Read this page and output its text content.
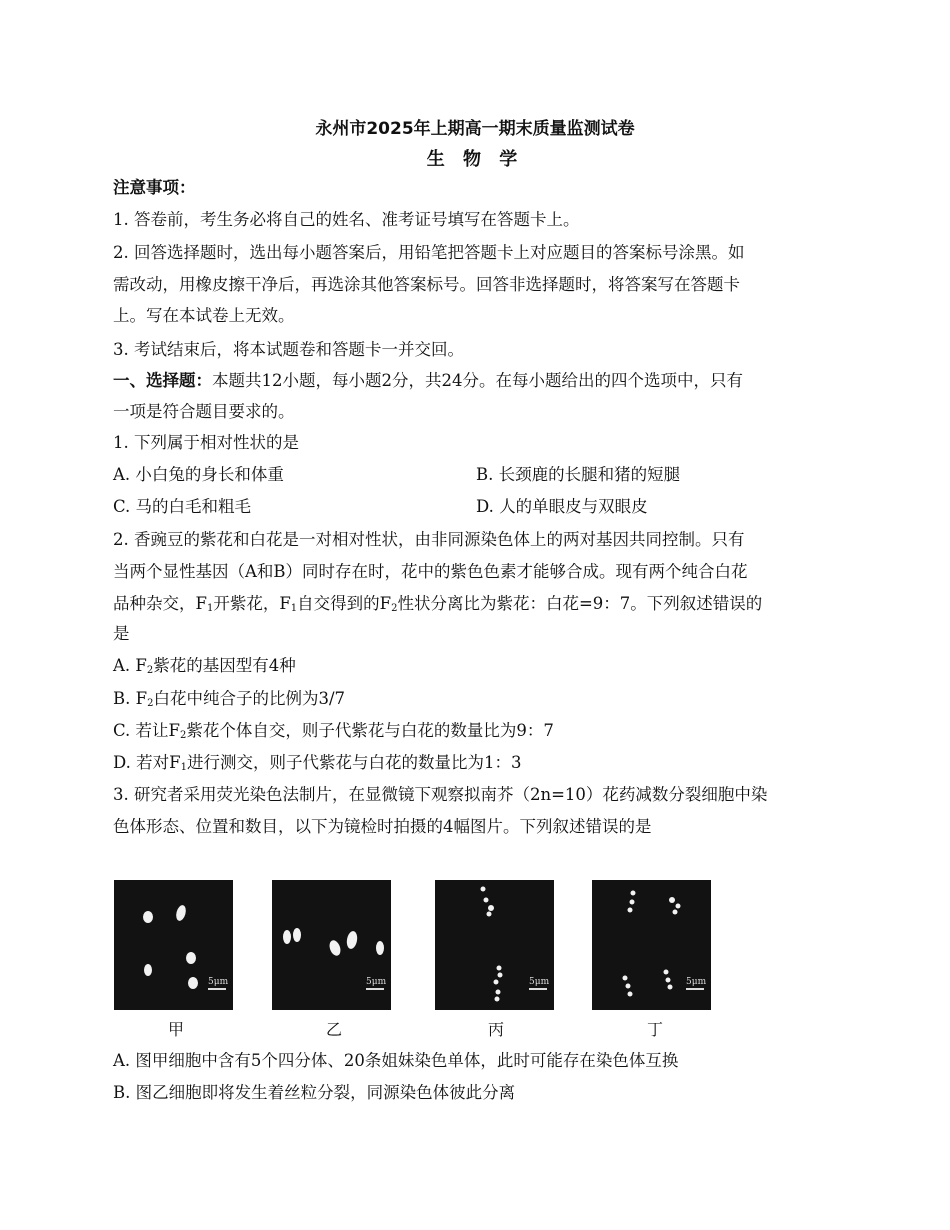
永州市2025年上期高一期末质量监测试卷
生 物 学
注意事项：
1. 答卷前，考生务必将自己的姓名、准考证号填写在答题卡上。
2. 回答选择题时，选出每小题答案后，用铅笔把答题卡上对应题目的答案标号涂黑。如
需改动，用橡皮擦干净后，再选涂其他答案标号。回答非选择题时，将答案写在答题卡
上。写在本试卷上无效。
3. 考试结束后，将本试题卷和答题卡一并交回。
一、选择题：本题共12小题，每小题2分，共24分。在每小题给出的四个选项中，只有
一项是符合题目要求的。
1. 下列属于相对性状的是
A. 小白兔的身长和体重	B. 长颈鹿的长腿和猪的短腿
C. 马的白毛和粗毛	D. 人的单眼皮与双眼皮
2. 香豌豆的紫花和白花是一对相对性状，由非同源染色体上的两对基因共同控制。只有
当两个显性基因（A和B）同时存在时，花中的紫色色素才能够合成。现有两个纯合白花
品种杂交，$F_1$开紫花，$F_1$自交得到的$F_2$性状分离比为紫花：白花=9：7。下列叙述错误的
是
A. $F_2$紫花的基因型有4种
B. $F_2$白花中纯合子的比例为3/7
C. 若让$F_2$紫花个体自交，则子代紫花与白花的数量比为9：7
D. 若对$F_1$进行测交，则子代紫花与白花的数量比为1：3
3. 研究者采用荧光染色法制片，在显微镜下观察拟南芥（2n=10）花药减数分裂细胞中染
色体形态、位置和数目，以下为镜检时拍摄的4幅图片。下列叙述错误的是
5μm	5μm	5μm	5μm
甲	乙	丙	丁
A. 图甲细胞中含有5个四分体、20条姐妹染色单体，此时可能存在染色体互换
B. 图乙细胞即将发生着丝粒分裂，同源染色体彼此分离
